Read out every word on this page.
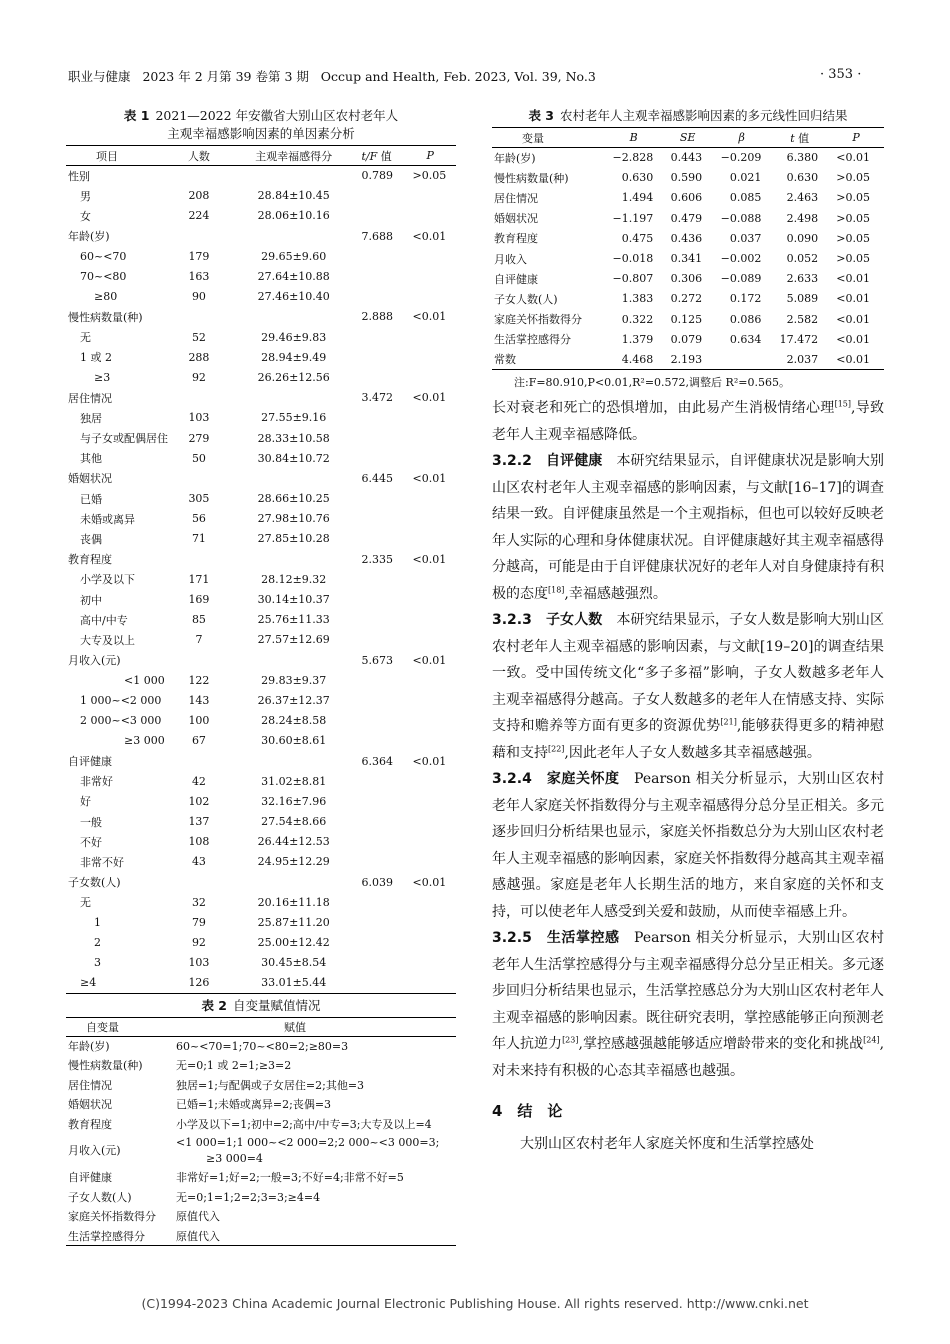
职业与健康 2023 年 2 月第 39 卷第 3 期 Occup and Health, Feb. 2023, Vol. 39, No.3	· 353 ·
表 1 2021—2022 年安徽省大别山区农村老年人
主观幸福感影响因素的单因素分析
项目	人数	主观幸福感得分	t/F 值	P
性别			0.789	>0.05
男	208	28.84±10.45		
女	224	28.06±10.16		
年龄(岁)			7.688	<0.01
60~<70	179	29.65±9.60		
70~<80	163	27.64±10.88		
≥80	90	27.46±10.40		
慢性病数量(种)			2.888	<0.01
无	52	29.46±9.83		
1 或 2	288	28.94±9.49		
≥3	92	26.26±12.56		
居住情况			3.472	<0.01
独居	103	27.55±9.16		
与子女或配偶居住	279	28.33±10.58		
其他	50	30.84±10.72		
婚姻状况			6.445	<0.01
已婚	305	28.66±10.25		
未婚或离异	56	27.98±10.76		
丧偶	71	27.85±10.28		
教育程度			2.335	<0.01
小学及以下	171	28.12±9.32		
初中	169	30.14±10.37		
高中/中专	85	25.76±11.33		
大专及以上	7	27.57±12.69		
月收入(元)			5.673	<0.01
<1 000	122	29.83±9.37		
1 000~<2 000	143	26.37±12.37		
2 000~<3 000	100	28.24±8.58		
≥3 000	67	30.60±8.61		
自评健康			6.364	<0.01
非常好	42	31.02±8.81		
好	102	32.16±7.96		
一般	137	27.54±8.66		
不好	108	26.44±12.53		
非常不好	43	24.95±12.29		
子女数(人)			6.039	<0.01
无	32	20.16±11.18		
1	79	25.87±11.20		
2	92	25.00±12.42		
3	103	30.45±8.54		
≥4	126	33.01±5.44		
表 2 自变量赋值情况
自变量	赋值
年龄(岁)	60~<70=1;70~<80=2;≥80=3
慢性病数量(种)	无=0;1 或 2=1;≥3=2
居住情况	独居=1;与配偶或子女居住=2;其他=3
婚姻状况	已婚=1;未婚或离异=2;丧偶=3
教育程度	小学及以下=1;初中=2;高中/中专=3;大专及以上=4
月收入(元)	<1 000=1;1 000~<2 000=2;2 000~<3 000=3;
≥3 000=4
自评健康	非常好=1;好=2;一般=3;不好=4;非常不好=5
子女人数(人)	无=0;1=1;2=2;3=3;≥4=4
家庭关怀指数得分	原值代入
生活掌控感得分	原值代入
表 3 农村老年人主观幸福感影响因素的多元线性回归结果
变量	B	SE	β	t 值	P
年龄(岁)	−2.828	0.443	−0.209	6.380	<0.01
慢性病数量(种)	0.630	0.590	0.021	0.630	>0.05
居住情况	1.494	0.606	0.085	2.463	>0.05
婚姻状况	−1.197	0.479	−0.088	2.498	>0.05
教育程度	0.475	0.436	0.037	0.090	>0.05
月收入	−0.018	0.341	−0.002	0.052	>0.05
自评健康	−0.807	0.306	−0.089	2.633	<0.01
子女人数(人)	1.383	0.272	0.172	5.089	<0.01
家庭关怀指数得分	0.322	0.125	0.086	2.582	<0.01
生活掌控感得分	1.379	0.079	0.634	17.472	<0.01
常数	4.468	2.193		2.037	<0.01
注:F=80.910,P<0.01,R²=0.572,调整后 R²=0.565。

长对衰老和死亡的恐惧增加，由此易产生消极情绪心理[15],导致老年人主观幸福感降低。

3.2.2　自评健康　本研究结果显示，自评健康状况是影响大别山区农村老年人主观幸福感的影响因素，与文献[16–17]的调查结果一致。自评健康虽然是一个主观指标，但也可以较好反映老年人实际的心理和身体健康状况。自评健康越好其主观幸福感得分越高，可能是由于自评健康状况好的老年人对自身健康持有积极的态度[18],幸福感越强烈。

3.2.3　子女人数　本研究结果显示，子女人数是影响大别山区农村老年人主观幸福感的影响因素，与文献[19–20]的调查结果一致。受中国传统文化“多子多福”影响，子女人数越多老年人主观幸福感得分越高。子女人数越多的老年人在情感支持、实际支持和赡养等方面有更多的资源优势[21],能够获得更多的精神慰藉和支持[22],因此老年人子女人数越多其幸福感越强。

3.2.4　家庭关怀度　Pearson 相关分析显示，大别山区农村老年人家庭关怀指数得分与主观幸福感得分总分呈正相关。多元逐步回归分析结果也显示，家庭关怀指数总分为大别山区农村老年人主观幸福感的影响因素，家庭关怀指数得分越高其主观幸福感越强。家庭是老年人长期生活的地方，来自家庭的关怀和支持，可以使老年人感受到关爱和鼓励，从而使幸福感上升。

3.2.5　生活掌控感　Pearson 相关分析显示，大别山区农村老年人生活掌控感得分与主观幸福感得分总分呈正相关。多元逐步回归分析结果也显示，生活掌控感总分为大别山区农村老年人主观幸福感的影响因素。既往研究表明，掌控感能够正向预测老年人抗逆力[23],掌控感越强越能够适应增龄带来的变化和挑战[24],对未来持有积极的心态其幸福感也越强。

4　结　论

　　大别山区农村老年人家庭关怀度和生活掌控感处

(C)1994-2023 China Academic Journal Electronic Publishing House. All rights reserved. http://www.cnki.net
